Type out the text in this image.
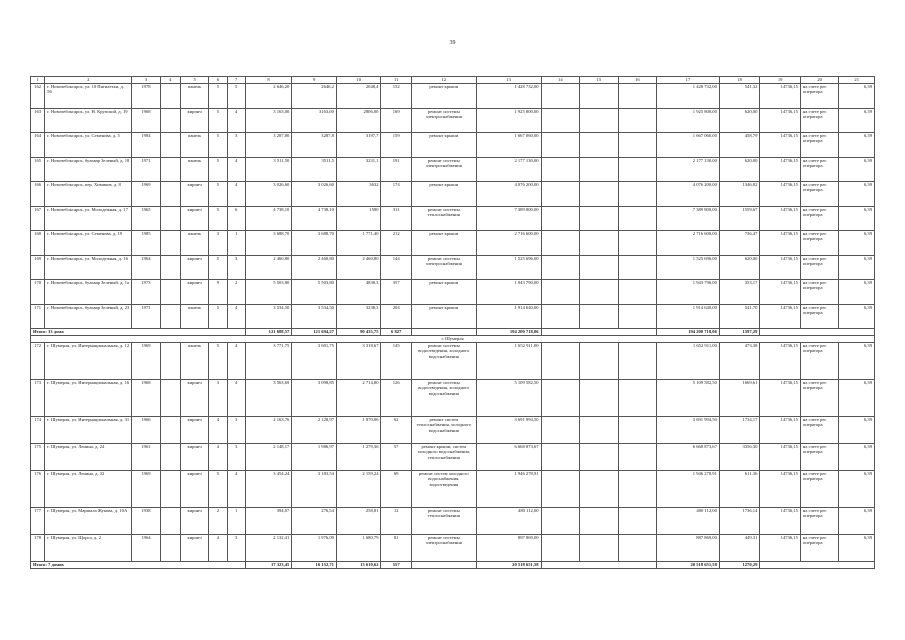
39
1	2	3	4	5	6	7	8	9	10	11	12	13	14	15	16	17	18	19	20	21
162	г. Новочебоксарск, ул. 10 Пятилетки, д. 56	1978		панель	5	5	2 646,20	2646,2	2048,4	152	ремонт крыши	1 428 732,00				1 428 732,00	541,32	14736,15	на счете рег. оператора	6,39
163	г. Новочебоксарск, ул. Н. Крупской, д. 19	1968		кирпич	5	4	3 163,00	3163,00	2806,00	169	ремонт системы электроснабжения	1 925 800,00				1 925 800,00	620,00	14736,15	на счете рег. оператора	6,39
164	г. Новочебоксарск, ул. Семенова, д. 5	1984		панель	5	3	3 287,80	3287,8	3197,7	159	ремонт крыши	1 667 060,00				1 667 060,00	458,79	14736,15	на счете рег. оператора	6,39
165	г. Новочебоксарск, бульвар Зеленый, д. 18	1971		панель	5	4	3 511,50	3511,5	3231,1	191	ремонт системы электроснабжения	2 177 130,00				2 177 130,00	620,00	14736,15	на счете рег. оператора	6,39
166	г. Новочебоксарск, пер. Химиков, д. 8	1969		кирпич	5	4	3 026,60	3 026,60	3632	174	ремонт крыши	4 076 200,00				4 076 200,00	1346,82	14736,15	на счете рег. оператора	6,39
167	г. Новочебоксарск, ул. Молодежная, д. 17	1965		кирпич	5	6	4 738,10	4 738,10	1580	311	ремонт системы теплоснабжения	7 389 800,00				7 389 800,00	1559,67	14736,15	на счете рег. оператора	6,39
168	г. Новочебоксарск, ул. Семенова, д. 19	1985		панель	3	1	3 688,70	3 688,70	1 771,40	212	ремонт крыши	2 716 600,00				2 716 600,00	736,47	14736,15	на счете рег. оператора	6,39
169	г. Новочебоксарск, ул. Молодежная, д. 16	1964		кирпич	5	3	2 460,80	2 460,80	2 460,80	144	ремонт системы электроснабжения	1 525 696,00				1 525 696,00	620,00	14736,15	на счете рег. оператора	6,39
170	г. Новочебоксарск, бульвар Зеленый, д. 1а	1973		кирпич	9	2	5 503,80	5 503,80	4838,3	357	ремонт крыши	1 943 790,00				1 943 790,00	353,17	14736,15	на счете рег. оператора	6,39
171	г. Новочебоксарск, бульвар Зеленый, д. 23	1971		панель	5	4	3 534,50	3 534,50	3238,3	204	ремонт крыши	1 914 640,00				1 914 640,00	541,70	14736,15	на счете рег. оператора	6,39
Итого: 33 дома							121 688,57	121 694,27	90 435,75	6 827		194 200 718,06				194 200 718,06	1597,29			
г. Шумерля																				
172	г. Шумерля, ул. Интернациональная, д. 12	1969		панель	5	4	3 771,75	3 691,75	3 318,67	145	ремонт системы водоотведения, холодного водоснабжения	1 652 911,00				1 652 911,00	473,38	14736,15	на счете рег. оператора	6,39
173	г. Шумерля, ул. Интернациональная, д. 16	1968		кирпич	3	4	3 563,69	3 098,85	2 714,80	126	ремонт системы водоотведения, холодного водоснабжения	5 109 582,50				5 109 582,50	1669,61	14736,15	на счете рег. оператора	6,39
174	г. Шумерля, ул. Интернациональная, д. 31	1966		кирпич	4	3	2 163,76	2 128,97	1 870,06	62	ремонт систем теплоснабжения, холодного водоснабжения	3 691 994,50				3 691 994,50	1734,17	14736,15	на счете рег. оператора	6,39
175	г. Шумерля, ул. Ленина, д. 24	1961		кирпич	4	3	2 148,17	1 986,97	1 279,36	57	ремонт крыши, систем холодного водоснабжения, теплоснабжения	6 668 873,67				6 668 873,67	3356,30	14736,15	на счете рег. оператора	6,39
176	г. Шумерля, ул. Ленина, д. 32	1969		кирпич	5	4	3 454,24	3 183,54	2 159,24	69	ремонт систем холодного водоснабжения, водоотведения	1 946 278,91				1 946 278,91	611,36	14736,15	на счете рег. оператора	6,39
177	г. Шумерля, ул. Маршала Жукова, д. 10А	1938		кирпич	2	1	394,07	276,54	258,81	12	ремонт системы теплоснабжения	480 112,00				480 112,00	1736,14	14736,15	на счете рег. оператора	6,39
178	г. Шумерля, ул. Щорса, д. 2	1964		кирпич	4	3	2 132,41	1 976,09	1 680,79	81	ремонт системы электроснабжения	887 869,00				887 869,00	449,31	14736,15	на счете рег. оператора	6,39
Итого: 7 домов							17 323,45	16 152,71	13 610,62	557		20 518 651,58				20 518 651,58	1270,29			
